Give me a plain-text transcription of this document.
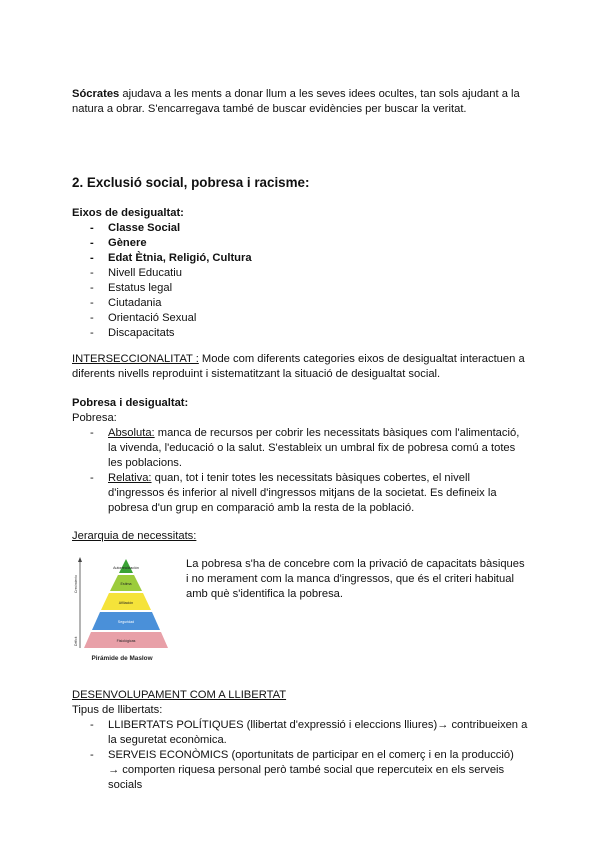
Sócrates ajudava a les ments a donar llum a les seves idees ocultes, tan sols ajudant a la natura a obrar. S'encarregava també de buscar evidències per buscar la veritat.

2. Exclusió social, pobresa i racisme:

Eixos de desigualtat:

- Classe Social
- Gènere
- Edat Ètnia, Religió, Cultura
- Nivell Educatiu
- Estatus legal
- Ciutadania
- Orientació Sexual
- Discapacitats

INTERSECCIONALITAT : Mode com diferents categories eixos de desigualtat interactuen a diferents nivells reproduint i sistematitzant la situació de desigualtat social.

Pobresa i desigualtat:

Pobresa:

- Absoluta: manca de recursos per cobrir les necessitats bàsiques com l'alimentació, la vivenda, l'educació o la salut. S'estableix un umbral fix de pobresa comú a totes les poblacions.
- Relativa: quan, tot i tenir totes les necessitats bàsiques cobertes, el nivell d'ingressos és inferior al nivell d'ingressos mitjans de la societat. Es defineix la pobresa d'un grup en comparació amb la resta de la població.

Jerarquia de necessitats:

Autorrealización
Estima
Afiliación
Seguridad
Fisiológicas
Crecimiento
Déficit
Pirámide de Maslow

La pobresa s'ha de concebre com la privació de capacitats bàsiques i no merament com la manca d'ingressos, que és el criteri habitual amb què s'identifica la pobresa.

DESENVOLUPAMENT COM A LLIBERTAT

Tipus de llibertats:

- LLIBERTATS POLÍTIQUES (llibertat d'expressió i eleccions lliures)→ contribueixen a la seguretat econòmica.
- SERVEIS ECONÒMICS (oportunitats de participar en el comerç i en la producció) → comporten riquesa personal però també social que repercuteix en els serveis socials
